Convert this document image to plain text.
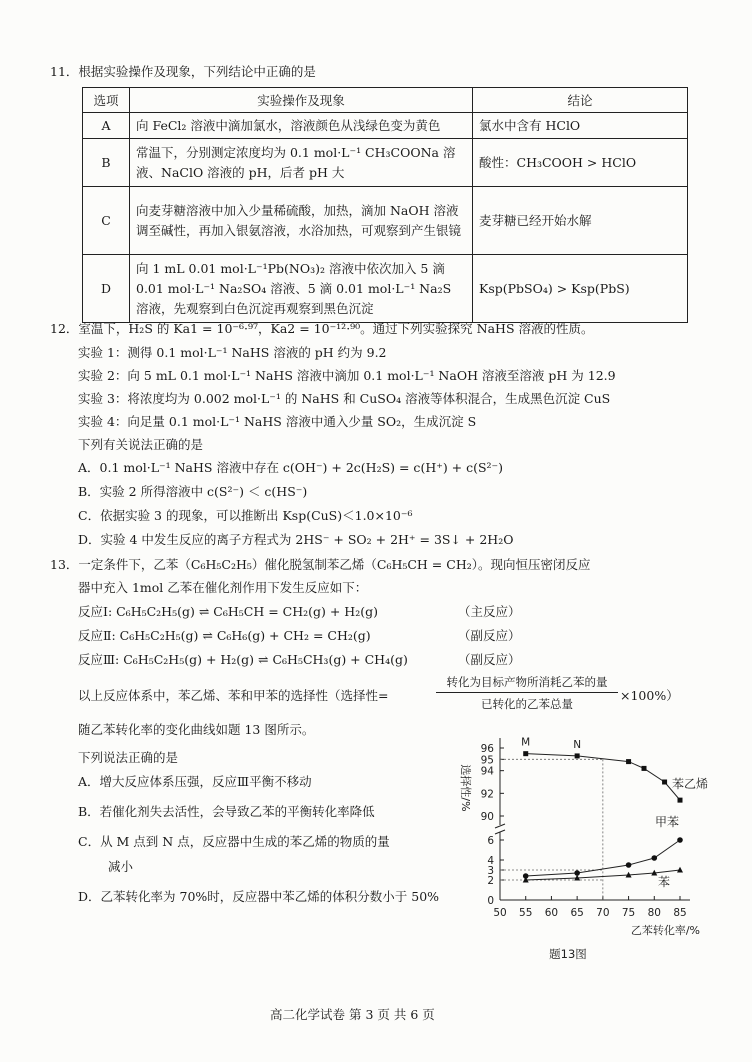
11．根据实验操作及现象，下列结论中正确的是
选项	实验操作及现象	结论
A	向 FeCl₂ 溶液中滴加氯水，溶液颜色从浅绿色变为黄色	氯水中含有 HClO
B	常温下，分别测定浓度均为 0.1 mol·L⁻¹ CH₃COONa 溶液、NaClO 溶液的 pH，后者 pH 大	酸性：CH₃COOH > HClO
C	向麦芽糖溶液中加入少量稀硫酸，加热，滴加 NaOH 溶液调至碱性，再加入银氨溶液，水浴加热，可观察到产生银镜	麦芽糖已经开始水解
D	向 1 mL 0.01 mol·L⁻¹Pb(NO₃)₂ 溶液中依次加入 5 滴 0.01 mol·L⁻¹ Na₂SO₄ 溶液、5 滴 0.01 mol·L⁻¹ Na₂S 溶液，先观察到白色沉淀再观察到黑色沉淀	Ksp(PbSO₄) > Ksp(PbS)
12．室温下，H₂S 的 Ka1 = 10⁻⁶·⁹⁷，Ka2 = 10⁻¹²·⁹⁰。通过下列实验探究 NaHS 溶液的性质。
实验 1：测得 0.1 mol·L⁻¹ NaHS 溶液的 pH 约为 9.2
实验 2：向 5 mL 0.1 mol·L⁻¹ NaHS 溶液中滴加 0.1 mol·L⁻¹ NaOH 溶液至溶液 pH 为 12.9
实验 3：将浓度均为 0.002 mol·L⁻¹ 的 NaHS 和 CuSO₄ 溶液等体积混合，生成黑色沉淀 CuS
实验 4：向足量 0.1 mol·L⁻¹ NaHS 溶液中通入少量 SO₂，生成沉淀 S
下列有关说法正确的是
A．0.1 mol·L⁻¹ NaHS 溶液中存在 c(OH⁻) + 2c(H₂S) = c(H⁺) + c(S²⁻)
B．实验 2 所得溶液中 c(S²⁻) ＜ c(HS⁻)
C．依据实验 3 的现象，可以推断出 Ksp(CuS)＜1.0×10⁻⁶
D．实验 4 中发生反应的离子方程式为 2HS⁻ + SO₂ + 2H⁺ = 3S↓ + 2H₂O
13．一定条件下，乙苯（C₆H₅C₂H₅）催化脱氢制苯乙烯（C₆H₅CH = CH₂）。现向恒压密闭反应
器中充入 1mol 乙苯在催化剂作用下发生反应如下：
反应Ⅰ: C₆H₅C₂H₅(g) ⇌ C₆H₅CH = CH₂(g) + H₂(g)	（主反应）
反应Ⅱ: C₆H₅C₂H₅(g) ⇌ C₆H₆(g) + CH₂ = CH₂(g)	（副反应）
反应Ⅲ: C₆H₅C₂H₅(g) + H₂(g) ⇌ C₆H₅CH₃(g) + CH₄(g)	（副反应）
以上反应体系中，苯乙烯、苯和甲苯的选择性（选择性=
转化为目标产物所消耗乙苯的量
已转化的乙苯总量
×100%）
随乙苯转化率的变化曲线如题 13 图所示。
下列说法正确的是
A．增大反应体系压强，反应Ⅲ平衡不移动
B．若催化剂失去活性，会导致乙苯的平衡转化率降低
C．从 M 点到 N 点，反应器中生成的苯乙烯的物质的量
减小
D．乙苯转化率为 70%时，反应器中苯乙烯的体积分数小于 50%
90
92
94
95
96
0
2
3
4
6
50 55 60 65 70 75 80 85
苯乙烯
甲苯
苯
M	N
选择性/%
乙苯转化率/%
题13图
高二化学试卷 第 3 页 共 6 页
